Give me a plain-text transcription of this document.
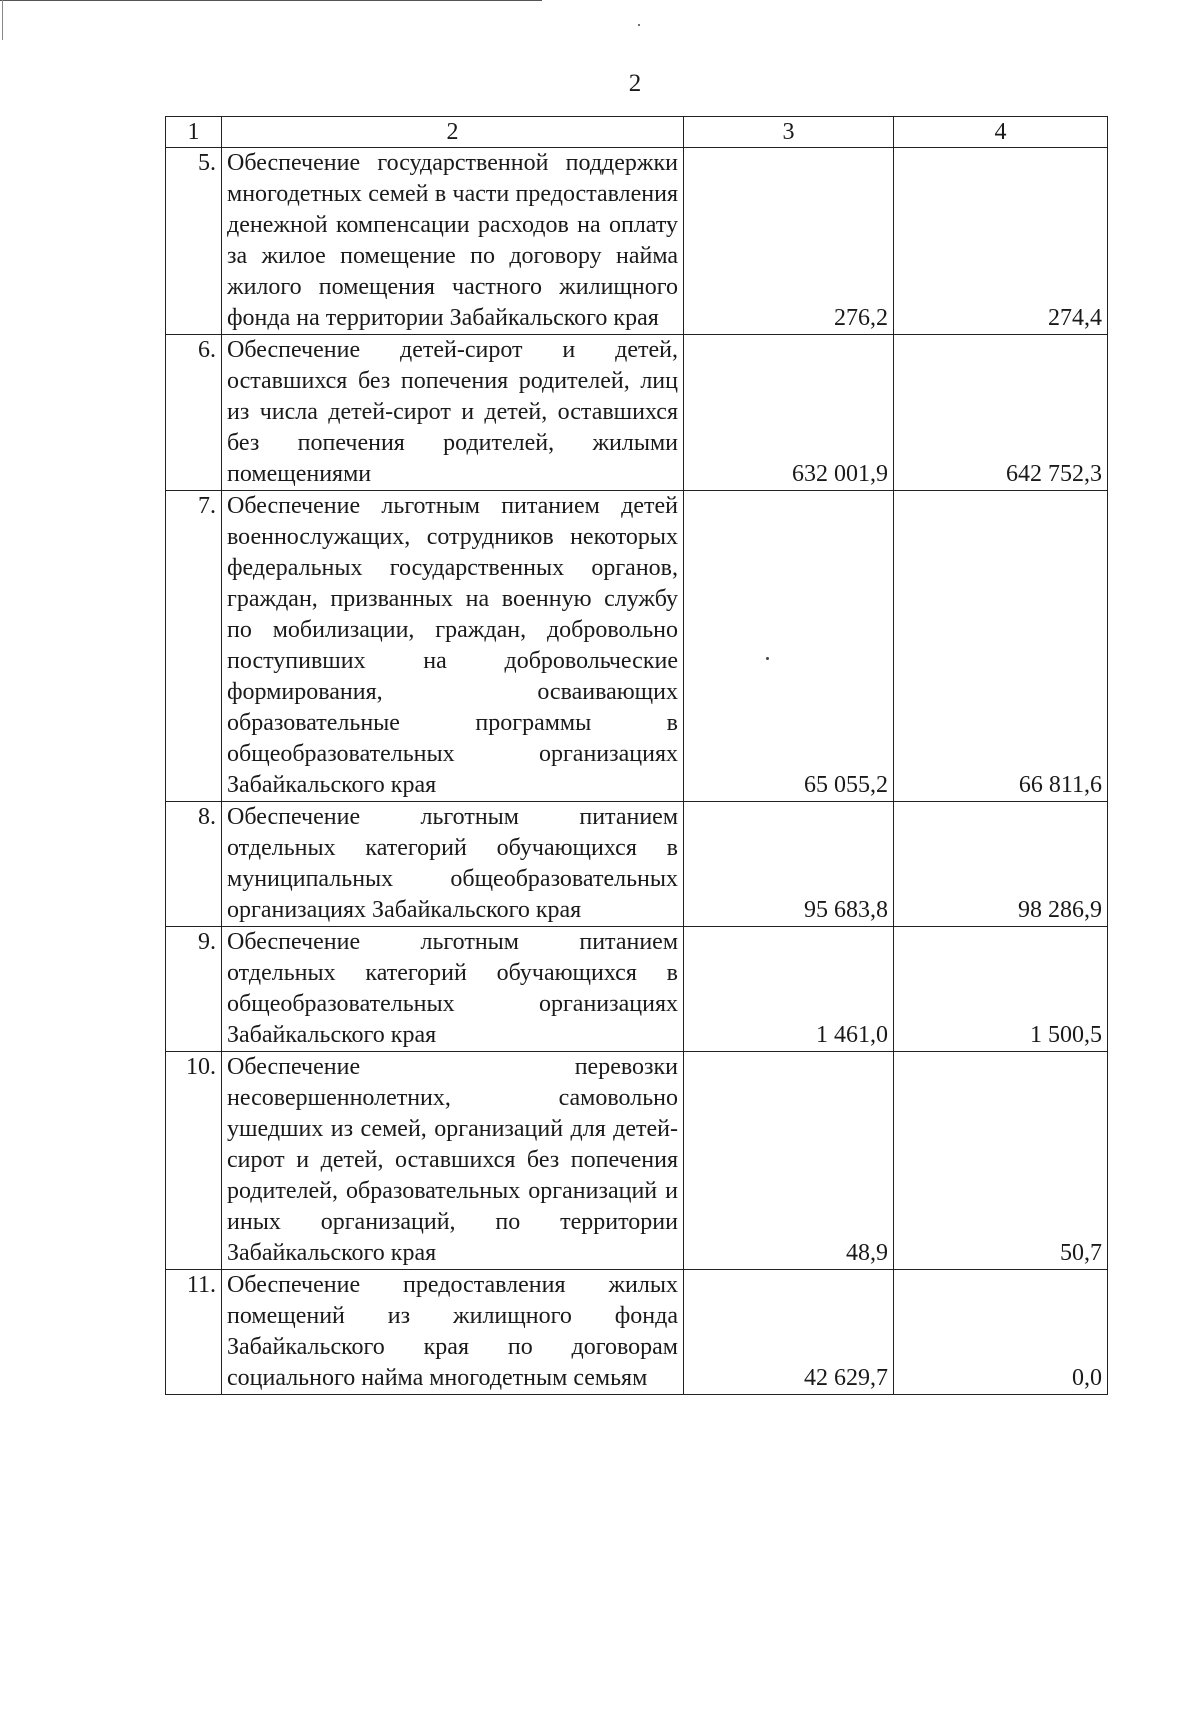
2
1	2	3	4
5.	Обеспечение государственной поддержки многодетных семей в части предоставления денежной компенсации расходов на оплату за жилое помещение по договору найма жилого помещения частного жилищного фонда на территории Забайкальского края	276,2	274,4
6.	Обеспечение детей-сирот и детей, оставшихся без попечения родителей, лиц из числа детей-сирот и детей, оставшихся без попечения родителей, жилыми помещениями	632 001,9	642 752,3
7.	Обеспечение льготным питанием детей военнослужащих, сотрудников некоторых федеральных государственных органов, граждан, призванных на военную службу по мобилизации, граждан, добровольно поступивших на добровольческие формирования, осваивающих образовательные программы в общеобразовательных организациях Забайкальского края	65 055,2	66 811,6
8.	Обеспечение льготным питанием отдельных категорий обучающихся в муниципальных общеобразовательных организациях Забайкальского края	95 683,8	98 286,9
9.	Обеспечение льготным питанием отдельных категорий обучающихся в общеобразовательных организациях Забайкальского края	1 461,0	1 500,5
10.	Обеспечение перевозки несовершеннолетних, самовольно ушедших из семей, организаций для детей-сирот и детей, оставшихся без попечения родителей, образовательных организаций и иных организаций, по территории Забайкальского края	48,9	50,7
11.	Обеспечение предоставления жилых помещений из жилищного фонда Забайкальского края по договорам социального найма многодетным семьям	42 629,7	0,0
